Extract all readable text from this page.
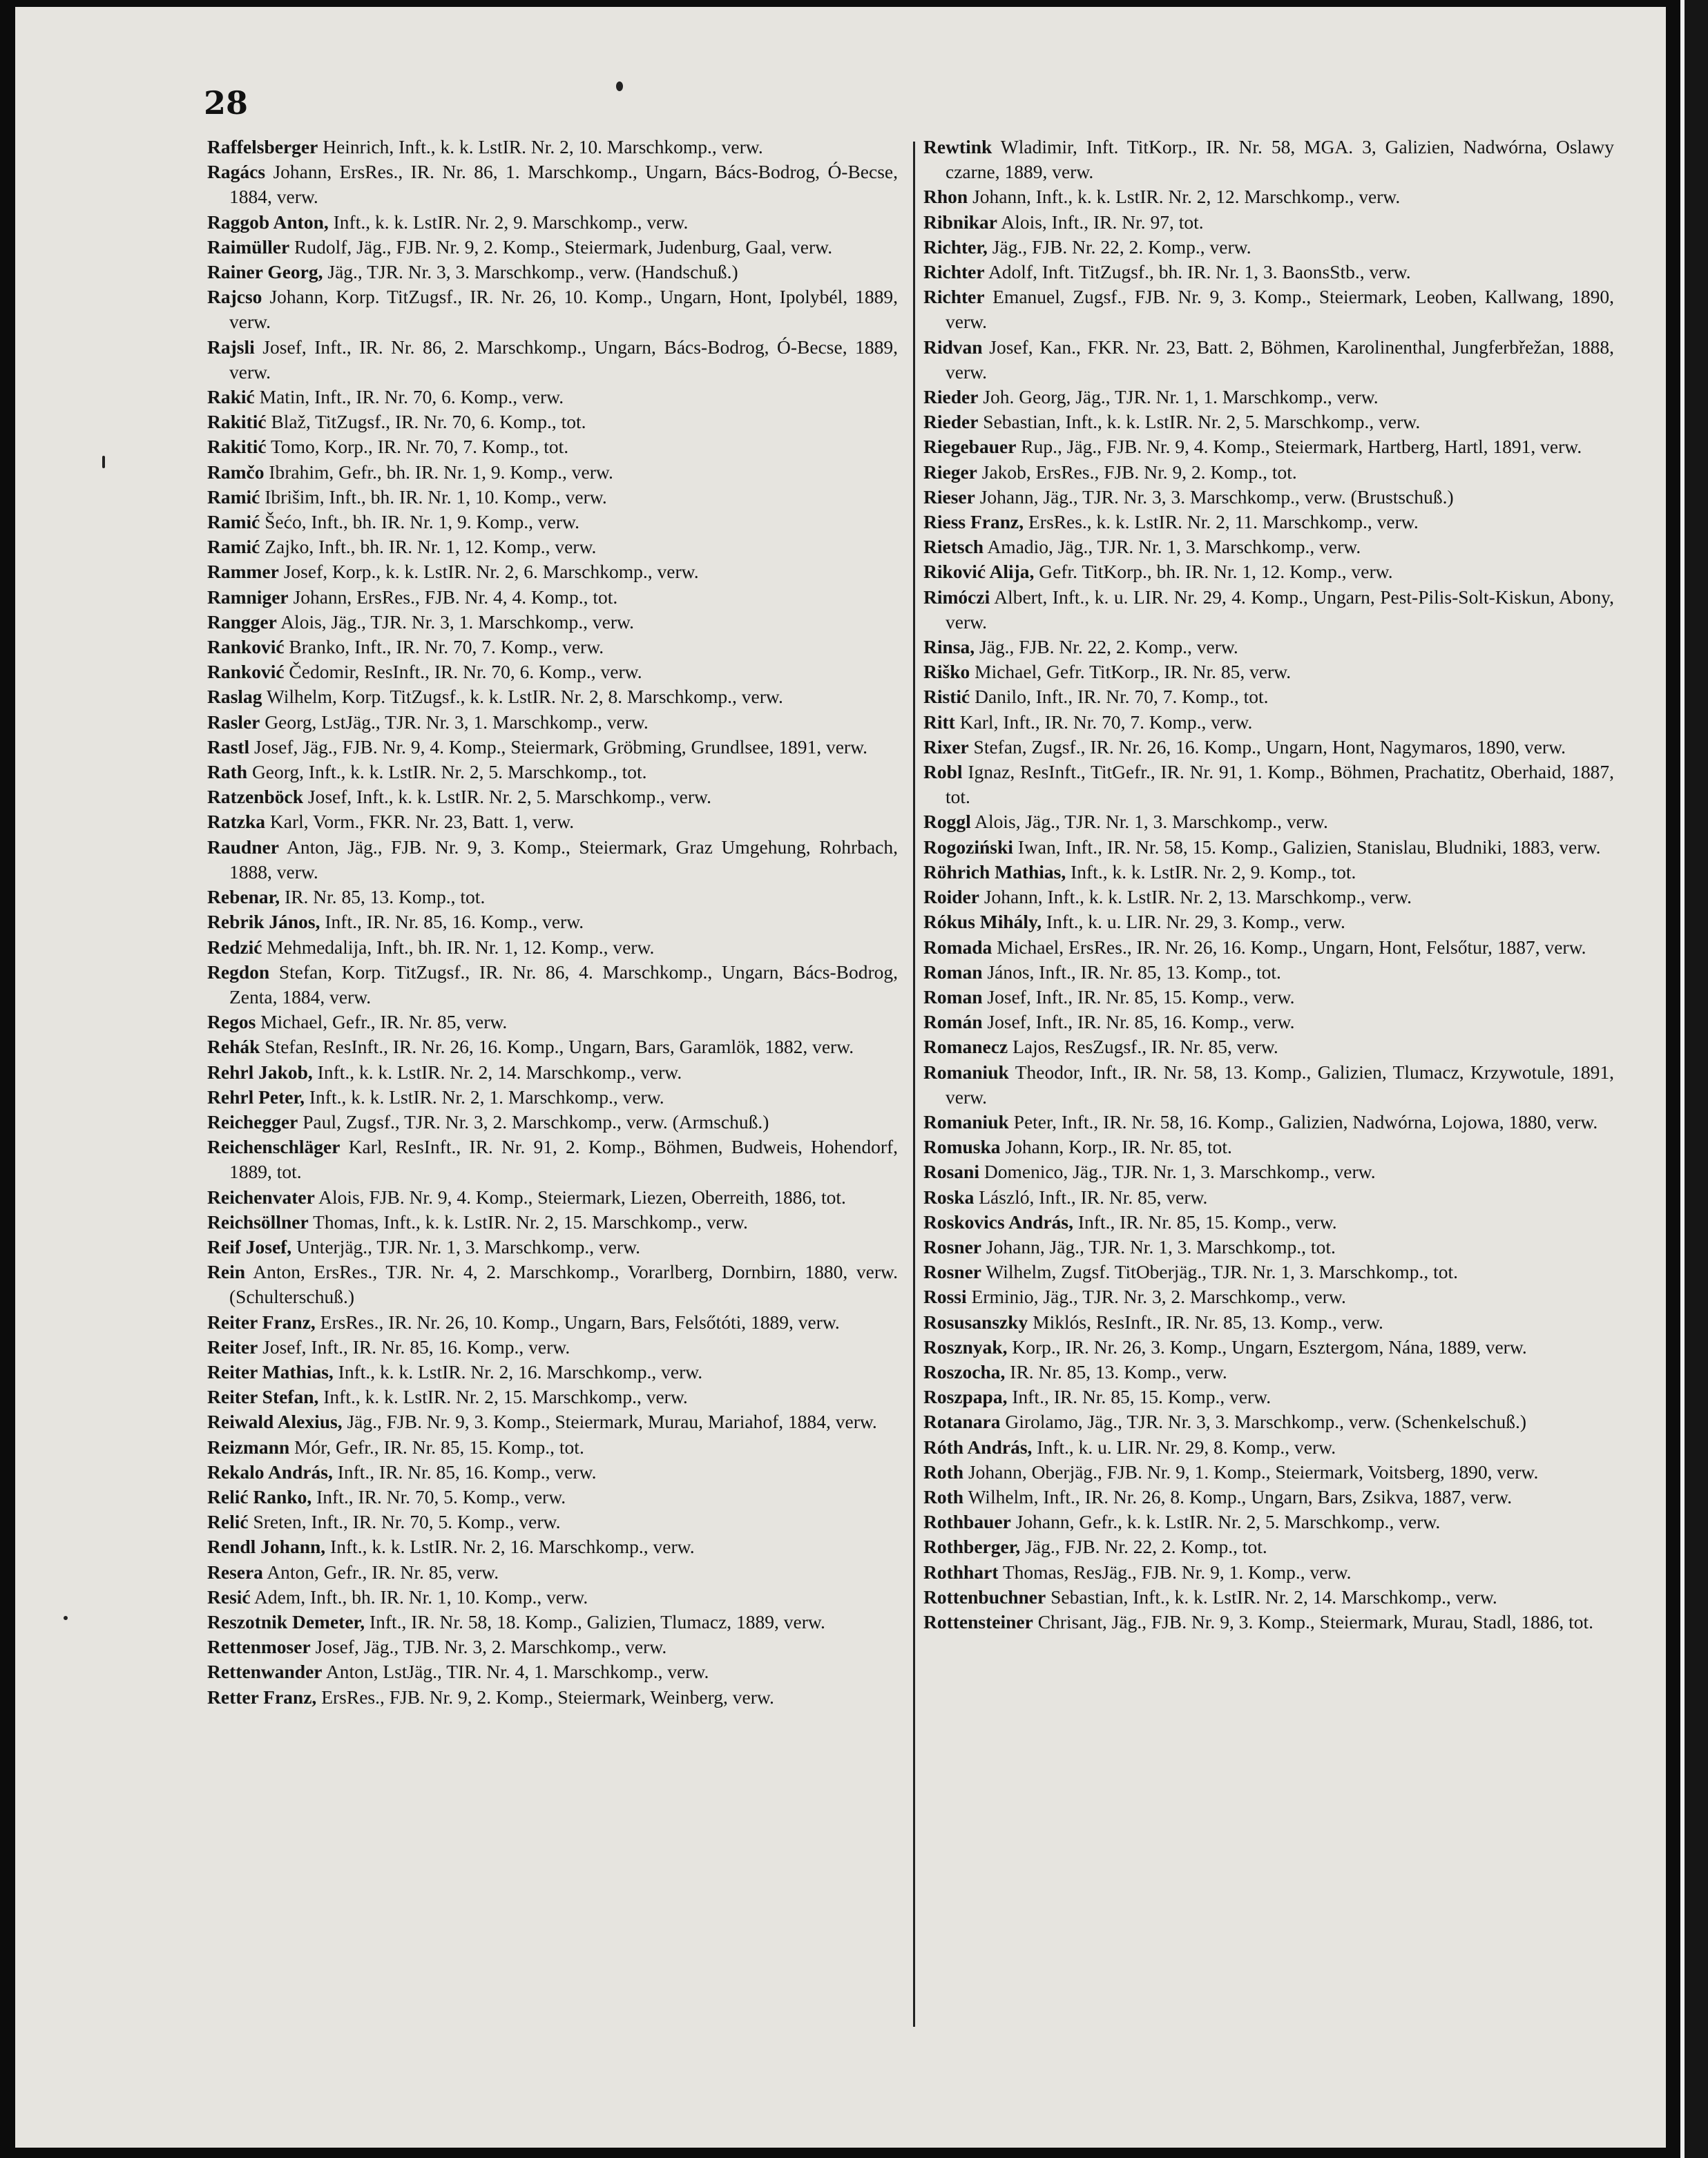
28

Raffelsberger Heinrich, Inft., k. k. LstIR. Nr. 2, 10. Marschkomp., verw.

Ragács Johann, ErsRes., IR. Nr. 86, 1. Marschkomp., Ungarn, Bács-Bodrog, Ó-Becse, 1884, verw.

Raggob Anton, Inft., k. k. LstIR. Nr. 2, 9. Marschkomp., verw.

Raimüller Rudolf, Jäg., FJB. Nr. 9, 2. Komp., Steiermark, Judenburg, Gaal, verw.

Rainer Georg, Jäg., TJR. Nr. 3, 3. Marschkomp., verw. (Handschuß.)

Rajcso Johann, Korp. TitZugsf., IR. Nr. 26, 10. Komp., Ungarn, Hont, Ipolybél, 1889, verw.

Rajsli Josef, Inft., IR. Nr. 86, 2. Marschkomp., Ungarn, Bács-Bodrog, Ó-Becse, 1889, verw.

Rakić Matin, Inft., IR. Nr. 70, 6. Komp., verw.

Rakitić Blaž, TitZugsf., IR. Nr. 70, 6. Komp., tot.

Rakitić Tomo, Korp., IR. Nr. 70, 7. Komp., tot.

Ramčo Ibrahim, Gefr., bh. IR. Nr. 1, 9. Komp., verw.

Ramić Ibrišim, Inft., bh. IR. Nr. 1, 10. Komp., verw.

Ramić Šećo, Inft., bh. IR. Nr. 1, 9. Komp., verw.

Ramić Zajko, Inft., bh. IR. Nr. 1, 12. Komp., verw.

Rammer Josef, Korp., k. k. LstIR. Nr. 2, 6. Marschkomp., verw.

Ramniger Johann, ErsRes., FJB. Nr. 4, 4. Komp., tot.

Rangger Alois, Jäg., TJR. Nr. 3, 1. Marschkomp., verw.

Ranković Branko, Inft., IR. Nr. 70, 7. Komp., verw.

Ranković Čedomir, ResInft., IR. Nr. 70, 6. Komp., verw.

Raslag Wilhelm, Korp. TitZugsf., k. k. LstIR. Nr. 2, 8. Marschkomp., verw.

Rasler Georg, LstJäg., TJR. Nr. 3, 1. Marschkomp., verw.

Rastl Josef, Jäg., FJB. Nr. 9, 4. Komp., Steiermark, Gröbming, Grundlsee, 1891, verw.

Rath Georg, Inft., k. k. LstIR. Nr. 2, 5. Marschkomp., tot.

Ratzenböck Josef, Inft., k. k. LstIR. Nr. 2, 5. Marschkomp., verw.

Ratzka Karl, Vorm., FKR. Nr. 23, Batt. 1, verw.

Raudner Anton, Jäg., FJB. Nr. 9, 3. Komp., Steiermark, Graz Umgehung, Rohrbach, 1888, verw.

Rebenar, IR. Nr. 85, 13. Komp., tot.

Rebrik János, Inft., IR. Nr. 85, 16. Komp., verw.

Redzić Mehmedalija, Inft., bh. IR. Nr. 1, 12. Komp., verw.

Regdon Stefan, Korp. TitZugsf., IR. Nr. 86, 4. Marschkomp., Ungarn, Bács-Bodrog, Zenta, 1884, verw.

Regos Michael, Gefr., IR. Nr. 85, verw.

Rehák Stefan, ResInft., IR. Nr. 26, 16. Komp., Ungarn, Bars, Garamlök, 1882, verw.

Rehrl Jakob, Inft., k. k. LstIR. Nr. 2, 14. Marschkomp., verw.

Rehrl Peter, Inft., k. k. LstIR. Nr. 2, 1. Marschkomp., verw.

Reichegger Paul, Zugsf., TJR. Nr. 3, 2. Marschkomp., verw. (Armschuß.)

Reichenschläger Karl, ResInft., IR. Nr. 91, 2. Komp., Böhmen, Budweis, Hohendorf, 1889, tot.

Reichenvater Alois, FJB. Nr. 9, 4. Komp., Steiermark, Liezen, Oberreith, 1886, tot.

Reichsöllner Thomas, Inft., k. k. LstIR. Nr. 2, 15. Marschkomp., verw.

Reif Josef, Unterjäg., TJR. Nr. 1, 3. Marschkomp., verw.

Rein Anton, ErsRes., TJR. Nr. 4, 2. Marschkomp., Vorarlberg, Dornbirn, 1880, verw. (Schulterschuß.)

Reiter Franz, ErsRes., IR. Nr. 26, 10. Komp., Ungarn, Bars, Felsőtóti, 1889, verw.

Reiter Josef, Inft., IR. Nr. 85, 16. Komp., verw.

Reiter Mathias, Inft., k. k. LstIR. Nr. 2, 16. Marschkomp., verw.

Reiter Stefan, Inft., k. k. LstIR. Nr. 2, 15. Marschkomp., verw.

Reiwald Alexius, Jäg., FJB. Nr. 9, 3. Komp., Steiermark, Murau, Mariahof, 1884, verw.

Reizmann Mór, Gefr., IR. Nr. 85, 15. Komp., tot.

Rekalo András, Inft., IR. Nr. 85, 16. Komp., verw.

Relić Ranko, Inft., IR. Nr. 70, 5. Komp., verw.

Relić Sreten, Inft., IR. Nr. 70, 5. Komp., verw.

Rendl Johann, Inft., k. k. LstIR. Nr. 2, 16. Marschkomp., verw.

Resera Anton, Gefr., IR. Nr. 85, verw.

Resić Adem, Inft., bh. IR. Nr. 1, 10. Komp., verw.

Reszotnik Demeter, Inft., IR. Nr. 58, 18. Komp., Galizien, Tlumacz, 1889, verw.

Rettenmoser Josef, Jäg., TJB. Nr. 3, 2. Marschkomp., verw.

Rettenwander Anton, LstJäg., TIR. Nr. 4, 1. Marschkomp., verw.

Retter Franz, ErsRes., FJB. Nr. 9, 2. Komp., Steiermark, Weinberg, verw.

Rewtink Wladimir, Inft. TitKorp., IR. Nr. 58, MGA. 3, Galizien, Nadwórna, Oslawy czarne, 1889, verw.

Rhon Johann, Inft., k. k. LstIR. Nr. 2, 12. Marschkomp., verw.

Ribnikar Alois, Inft., IR. Nr. 97, tot.

Richter, Jäg., FJB. Nr. 22, 2. Komp., verw.

Richter Adolf, Inft. TitZugsf., bh. IR. Nr. 1, 3. BaonsStb., verw.

Richter Emanuel, Zugsf., FJB. Nr. 9, 3. Komp., Steiermark, Leoben, Kallwang, 1890, verw.

Ridvan Josef, Kan., FKR. Nr. 23, Batt. 2, Böhmen, Karolinenthal, Jungferbřežan, 1888, verw.

Rieder Joh. Georg, Jäg., TJR. Nr. 1, 1. Marschkomp., verw.

Rieder Sebastian, Inft., k. k. LstIR. Nr. 2, 5. Marschkomp., verw.

Riegebauer Rup., Jäg., FJB. Nr. 9, 4. Komp., Steiermark, Hartberg, Hartl, 1891, verw.

Rieger Jakob, ErsRes., FJB. Nr. 9, 2. Komp., tot.

Rieser Johann, Jäg., TJR. Nr. 3, 3. Marschkomp., verw. (Brustschuß.)

Riess Franz, ErsRes., k. k. LstIR. Nr. 2, 11. Marschkomp., verw.

Rietsch Amadio, Jäg., TJR. Nr. 1, 3. Marschkomp., verw.

Riković Alija, Gefr. TitKorp., bh. IR. Nr. 1, 12. Komp., verw.

Rimóczi Albert, Inft., k. u. LIR. Nr. 29, 4. Komp., Ungarn, Pest-Pilis-Solt-Kiskun, Abony, verw.

Rinsa, Jäg., FJB. Nr. 22, 2. Komp., verw.

Riško Michael, Gefr. TitKorp., IR. Nr. 85, verw.

Ristić Danilo, Inft., IR. Nr. 70, 7. Komp., tot.

Ritt Karl, Inft., IR. Nr. 70, 7. Komp., verw.

Rixer Stefan, Zugsf., IR. Nr. 26, 16. Komp., Ungarn, Hont, Nagymaros, 1890, verw.

Robl Ignaz, ResInft., TitGefr., IR. Nr. 91, 1. Komp., Böhmen, Prachatitz, Oberhaid, 1887, tot.

Roggl Alois, Jäg., TJR. Nr. 1, 3. Marschkomp., verw.

Rogoziński Iwan, Inft., IR. Nr. 58, 15. Komp., Galizien, Stanislau, Bludniki, 1883, verw.

Röhrich Mathias, Inft., k. k. LstIR. Nr. 2, 9. Komp., tot.

Roider Johann, Inft., k. k. LstIR. Nr. 2, 13. Marschkomp., verw.

Rókus Mihály, Inft., k. u. LIR. Nr. 29, 3. Komp., verw.

Romada Michael, ErsRes., IR. Nr. 26, 16. Komp., Ungarn, Hont, Felsőtur, 1887, verw.

Roman János, Inft., IR. Nr. 85, 13. Komp., tot.

Roman Josef, Inft., IR. Nr. 85, 15. Komp., verw.

Román Josef, Inft., IR. Nr. 85, 16. Komp., verw.

Romanecz Lajos, ResZugsf., IR. Nr. 85, verw.

Romaniuk Theodor, Inft., IR. Nr. 58, 13. Komp., Galizien, Tlumacz, Krzywotule, 1891, verw.

Romaniuk Peter, Inft., IR. Nr. 58, 16. Komp., Galizien, Nadwórna, Lojowa, 1880, verw.

Romuska Johann, Korp., IR. Nr. 85, tot.

Rosani Domenico, Jäg., TJR. Nr. 1, 3. Marschkomp., verw.

Roska László, Inft., IR. Nr. 85, verw.

Roskovics András, Inft., IR. Nr. 85, 15. Komp., verw.

Rosner Johann, Jäg., TJR. Nr. 1, 3. Marschkomp., tot.

Rosner Wilhelm, Zugsf. TitOberjäg., TJR. Nr. 1, 3. Marschkomp., tot.

Rossi Erminio, Jäg., TJR. Nr. 3, 2. Marschkomp., verw.

Rosusanszky Miklós, ResInft., IR. Nr. 85, 13. Komp., verw.

Rosznyak, Korp., IR. Nr. 26, 3. Komp., Ungarn, Esztergom, Nána, 1889, verw.

Roszocha, IR. Nr. 85, 13. Komp., verw.

Roszpapa, Inft., IR. Nr. 85, 15. Komp., verw.

Rotanara Girolamo, Jäg., TJR. Nr. 3, 3. Marschkomp., verw. (Schenkelschuß.)

Róth András, Inft., k. u. LIR. Nr. 29, 8. Komp., verw.

Roth Johann, Oberjäg., FJB. Nr. 9, 1. Komp., Steiermark, Voitsberg, 1890, verw.

Roth Wilhelm, Inft., IR. Nr. 26, 8. Komp., Ungarn, Bars, Zsikva, 1887, verw.

Rothbauer Johann, Gefr., k. k. LstIR. Nr. 2, 5. Marschkomp., verw.

Rothberger, Jäg., FJB. Nr. 22, 2. Komp., tot.

Rothhart Thomas, ResJäg., FJB. Nr. 9, 1. Komp., verw.

Rottenbuchner Sebastian, Inft., k. k. LstIR. Nr. 2, 14. Marschkomp., verw.

Rottensteiner Chrisant, Jäg., FJB. Nr. 9, 3. Komp., Steiermark, Murau, Stadl, 1886, tot.
